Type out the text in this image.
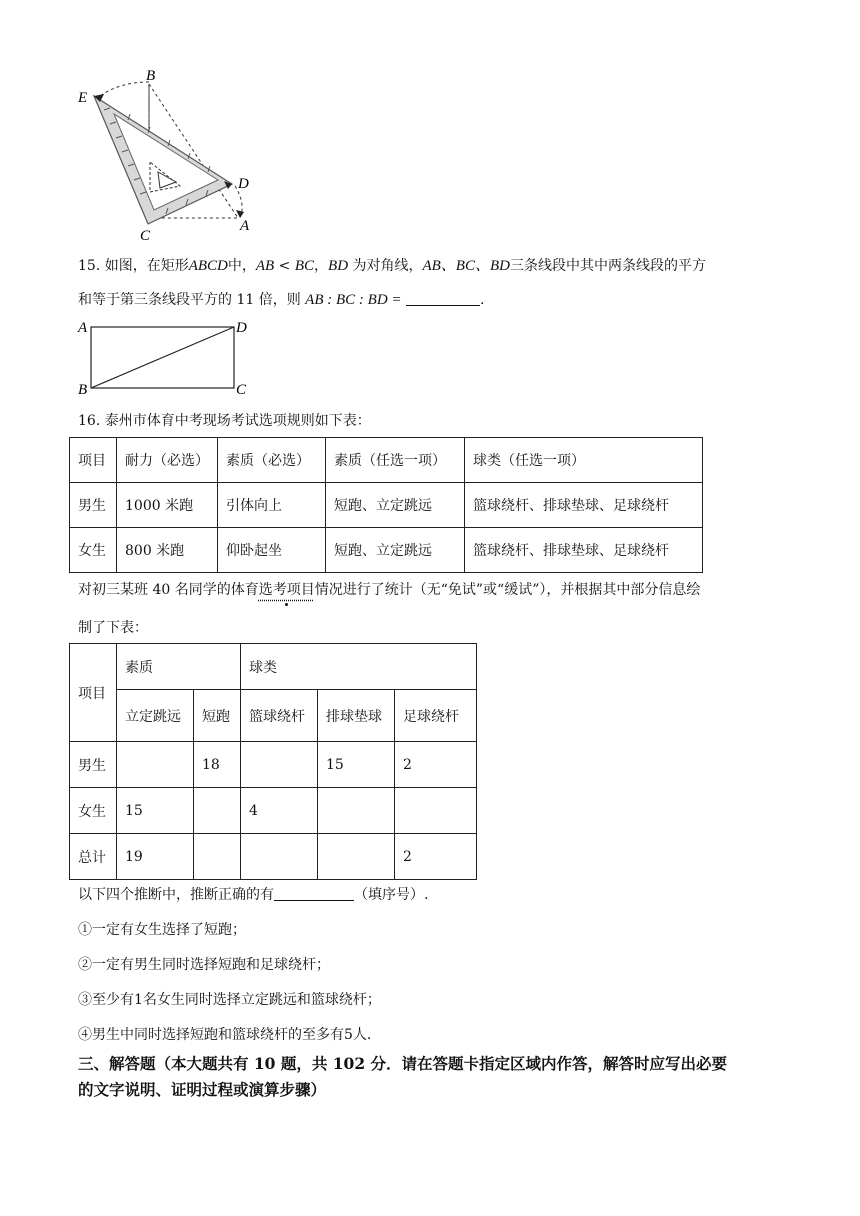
B
E
D
C
A
15. 如图，在矩形ABCD中，AB < BC，BD 为对角线，AB、BC、BD三条线段中其中两条线段的平方
和等于第三条线段平方的 11 倍，则 AB : BC : BD =	.
A	D
B	C
16. 泰州市体育中考现场考试选项规则如下表：
项目	耐力（必选）	素质（必选）	素质（任选一项）	球类（任选一项）
男生	1000 米跑	引体向上	短跑、立定跳远	篮球绕杆、排球垫球、足球绕杆
女生	800 米跑	仰卧起坐	短跑、立定跳远	篮球绕杆、排球垫球、足球绕杆
对初三某班 40 名同学的体育选考项目情况进行了统计（无“免试”或“缓试”），并根据其中部分信息绘
制了下表：
项目	素质		球类		
	立定跳远	短跑	篮球绕杆	排球垫球	足球绕杆
男生		18		15	2
女生	15		4		
总计	19				2
以下四个推断中，推断正确的有	（填序号）.
①一定有女生选择了短跑；
②一定有男生同时选择短跑和足球绕杆；
③至少有1名女生同时选择立定跳远和篮球绕杆；
④男生中同时选择短跑和篮球绕杆的至多有5人.
三、解答题（本大题共有 10 题，共 102 分．请在答题卡指定区域内作答，解答时应写出必要
的文字说明、证明过程或演算步骤）
